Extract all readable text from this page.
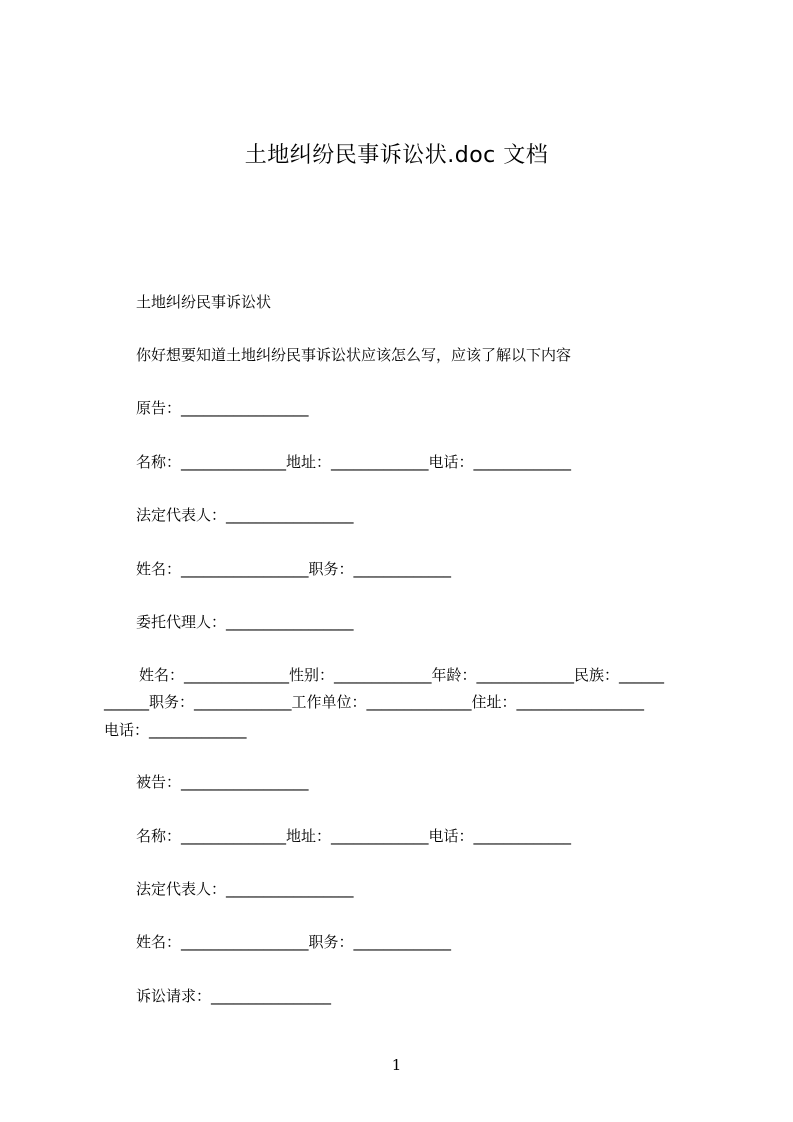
土地纠纷民事诉讼状.doc 文档
土地纠纷民事诉讼状
你好想要知道土地纠纷民事诉讼状应该怎么写，应该了解以下内容
原告：_________________
名称：______________地址：_____________电话：_____________
法定代表人：_________________
姓名：_________________职务：_____________
委托代理人：_________________
姓名：______________性别：_____________年龄：_____________民族：______
______职务：_____________工作单位：______________住址：_________________
电话：_____________
被告：_________________
名称：______________地址：_____________电话：_____________
法定代表人：_________________
姓名：_________________职务：_____________
诉讼请求：________________
1
